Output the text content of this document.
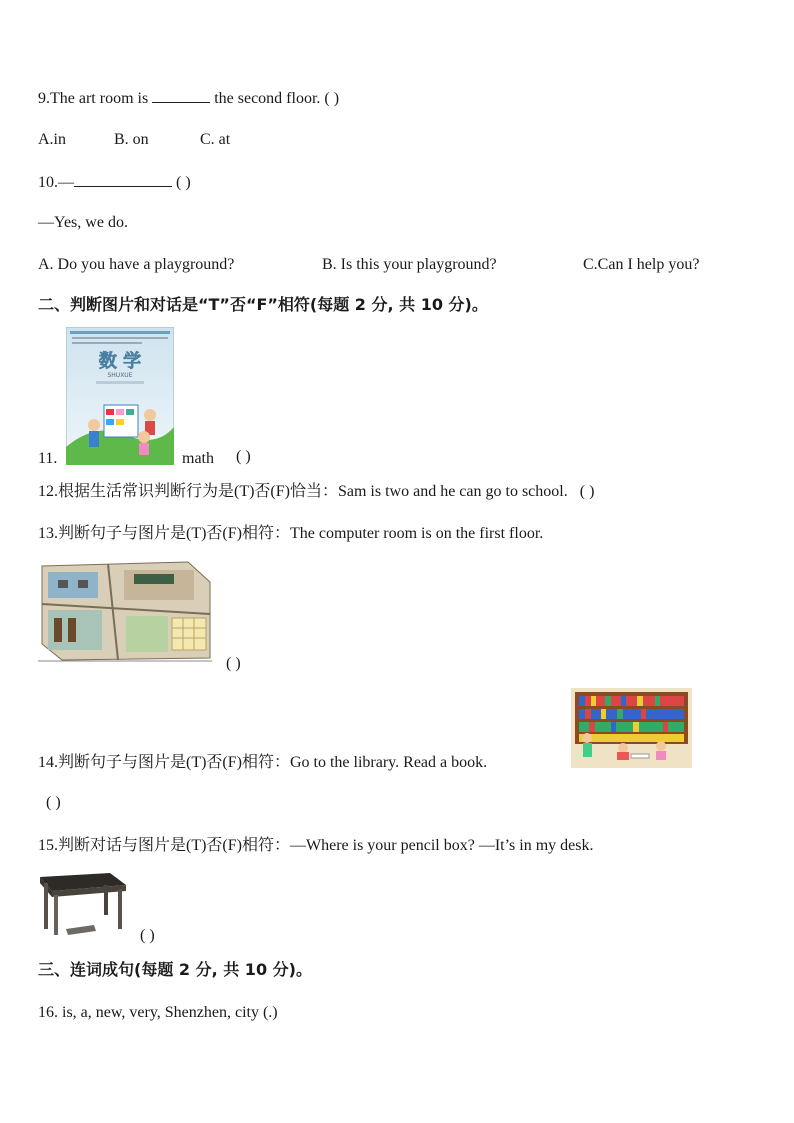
9.The art room is	the second floor. ( )
A.in	B. on	C. at
10.—	( )
—Yes, we do.
A. Do you have a playground?	B. Is this your playground?	C.Can I help you?
二、判断图片和对话是“T”否“F”相符(每题 2 分, 共 10 分)。
数 学
SHUXUE
11.	math ( )
12.根据生活常识判断行为是(T)否(F)恰当：Sam is two and he can go to school. ( )
13.判断句子与图片是(T)否(F)相符：The computer room is on the first floor.
( )
14.判断句子与图片是(T)否(F)相符：Go to the library. Read a book.
( )
15.判断对话与图片是(T)否(F)相符：—Where is your pencil box? —It’s in my desk.
( )
三、连词成句(每题 2 分, 共 10 分)。
16. is, a, new, very, Shenzhen, city (.)
